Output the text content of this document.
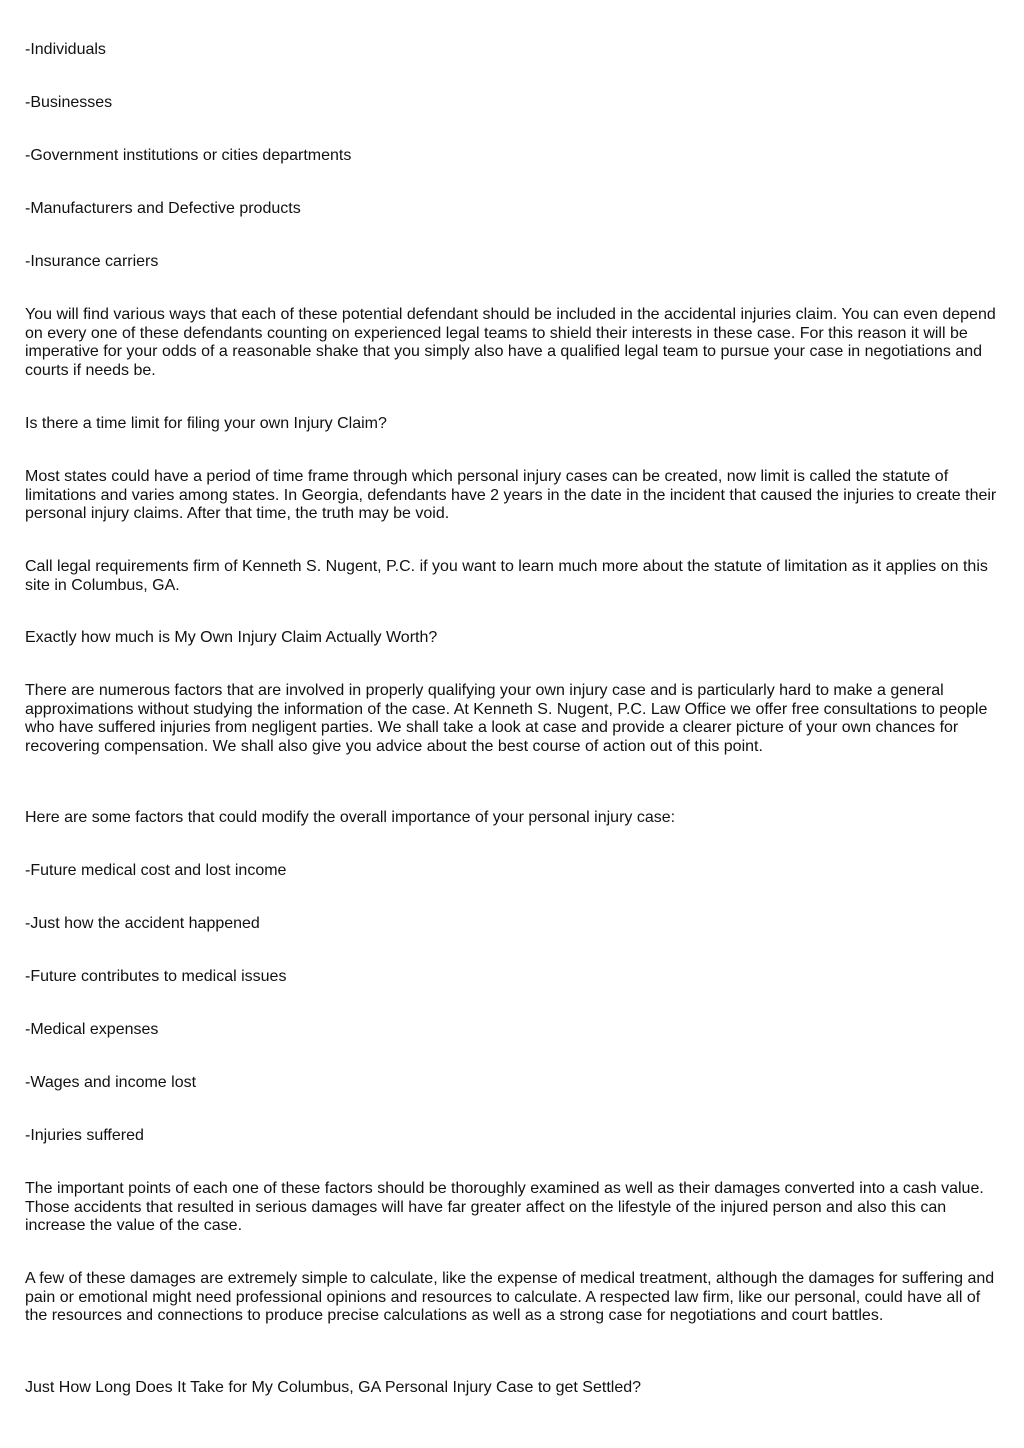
-Individuals

-Businesses

-Government institutions or cities departments

-Manufacturers and Defective products

-Insurance carriers

You will find various ways that each of these potential defendant should be included in the accidental injuries claim. You can even depend on every one of these defendants counting on experienced legal teams to shield their interests in these case. For this reason it will be imperative for your odds of a reasonable shake that you simply also have a qualified legal team to pursue your case in negotiations and courts if needs be.

Is there a time limit for filing your own Injury Claim?

Most states could have a period of time frame through which personal injury cases can be created, now limit is called the statute of limitations and varies among states. In Georgia, defendants have 2 years in the date in the incident that caused the injuries to create their personal injury claims. After that time, the truth may be void.

Call legal requirements firm of Kenneth S. Nugent, P.C. if you want to learn much more about the statute of limitation as it applies on this site in Columbus, GA.

Exactly how much is My Own Injury Claim Actually Worth?

There are numerous factors that are involved in properly qualifying your own injury case and is particularly hard to make a general approximations without studying the information of the case. At Kenneth S. Nugent, P.C. Law Office we offer free consultations to people who have suffered injuries from negligent parties. We shall take a look at case and provide a clearer picture of your own chances for recovering compensation. We shall also give you advice about the best course of action out of this point.

Here are some factors that could modify the overall importance of your personal injury case:

-Future medical cost and lost income

-Just how the accident happened

-Future contributes to medical issues

-Medical expenses

-Wages and income lost

-Injuries suffered

The important points of each one of these factors should be thoroughly examined as well as their damages converted into a cash value. Those accidents that resulted in serious damages will have far greater affect on the lifestyle of the injured person and also this can increase the value of the case.

A few of these damages are extremely simple to calculate, like the expense of medical treatment, although the damages for suffering and pain or emotional might need professional opinions and resources to calculate. A respected law firm, like our personal, could have all of the resources and connections to produce precise calculations as well as a strong case for negotiations and court battles.

Just How Long Does It Take for My Columbus, GA Personal Injury Case to get Settled?
